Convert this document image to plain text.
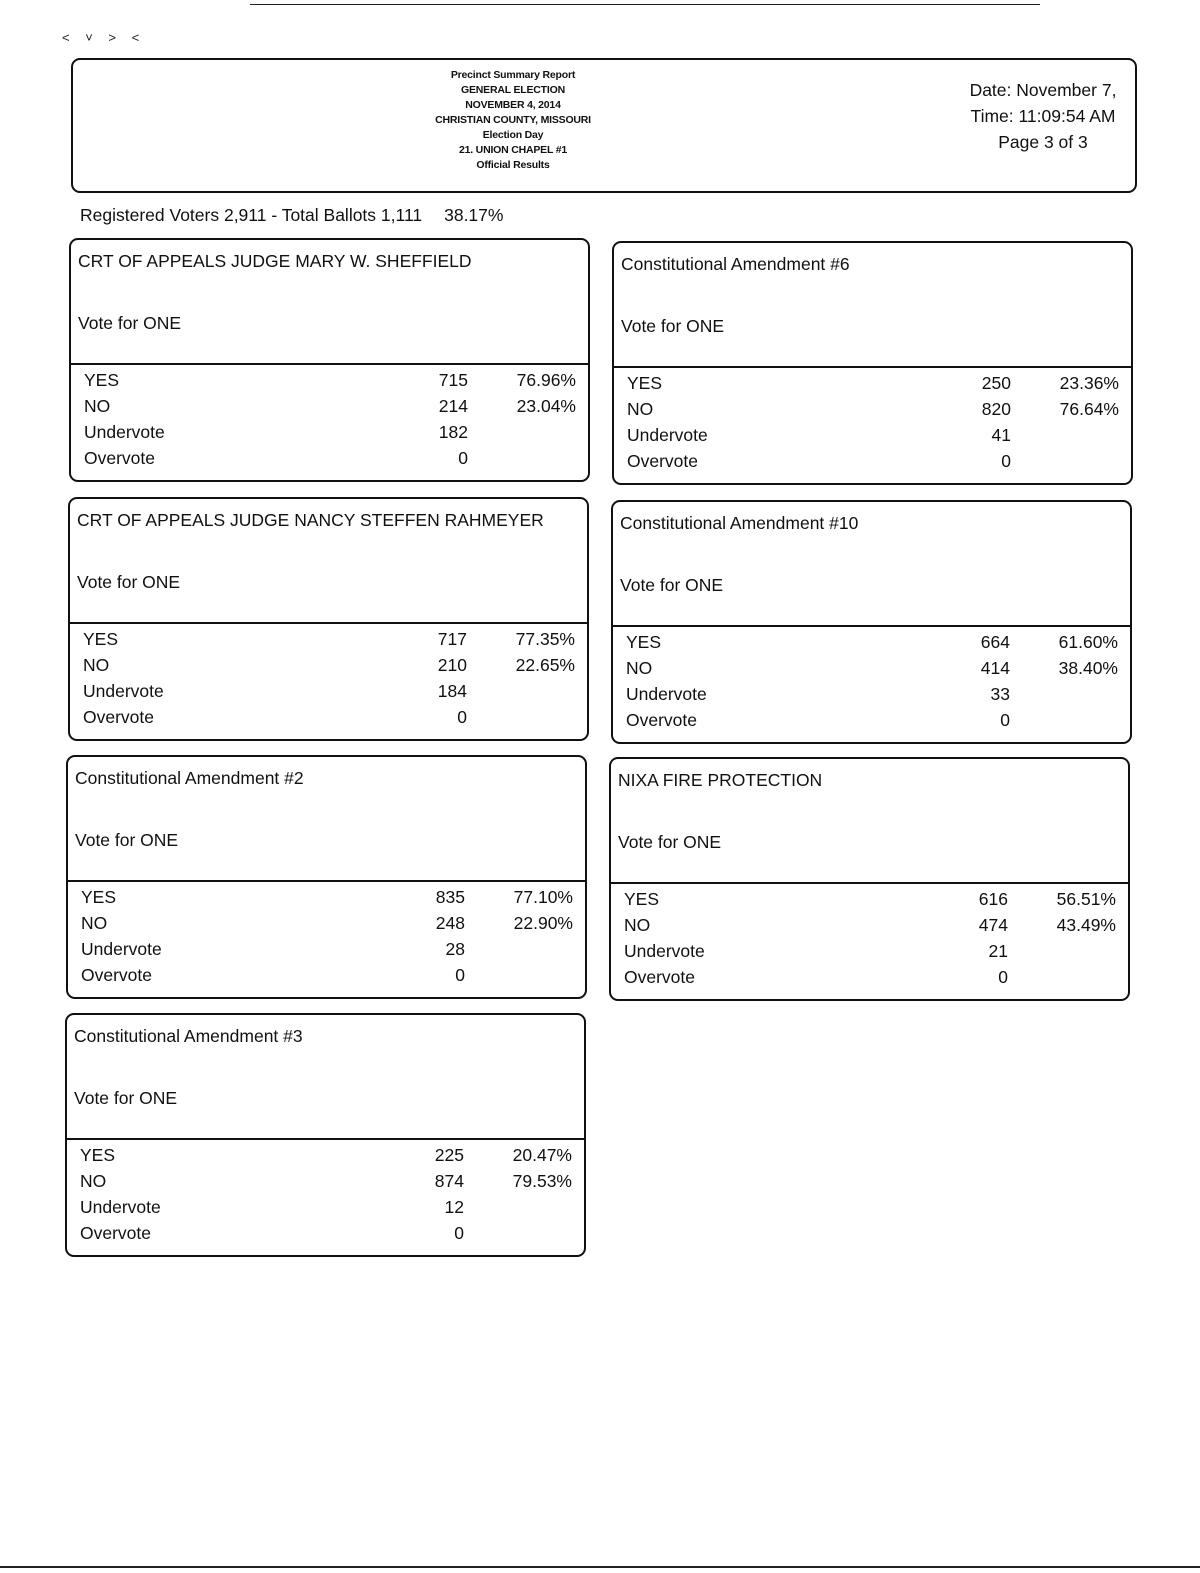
˂ ˅ ˃ ˂
Precinct Summary Report
GENERAL ELECTION
NOVEMBER 4, 2014
CHRISTIAN COUNTY, MISSOURI
Election Day
21. UNION CHAPEL #1
Official Results
Date: November 7,
Time: 11:09:54 AM
Page 3 of 3
Registered Voters 2,911 - Total Ballots 1,111 38.17%
CRT OF APPEALS JUDGE MARY W. SHEFFIELD
Vote for ONE
YES	715	76.96%
NO	214	23.04%
Undervote	182
Overvote	0
Constitutional Amendment #6
Vote for ONE
YES	250	23.36%
NO	820	76.64%
Undervote	41
Overvote	0
CRT OF APPEALS JUDGE NANCY STEFFEN RAHMEYER
Vote for ONE
YES	717	77.35%
NO	210	22.65%
Undervote	184
Overvote	0
Constitutional Amendment #10
Vote for ONE
YES	664	61.60%
NO	414	38.40%
Undervote	33
Overvote	0
Constitutional Amendment #2
Vote for ONE
YES	835	77.10%
NO	248	22.90%
Undervote	28
Overvote	0
NIXA FIRE PROTECTION
Vote for ONE
YES	616	56.51%
NO	474	43.49%
Undervote	21
Overvote	0
Constitutional Amendment #3
Vote for ONE
YES	225	20.47%
NO	874	79.53%
Undervote	12
Overvote	0
